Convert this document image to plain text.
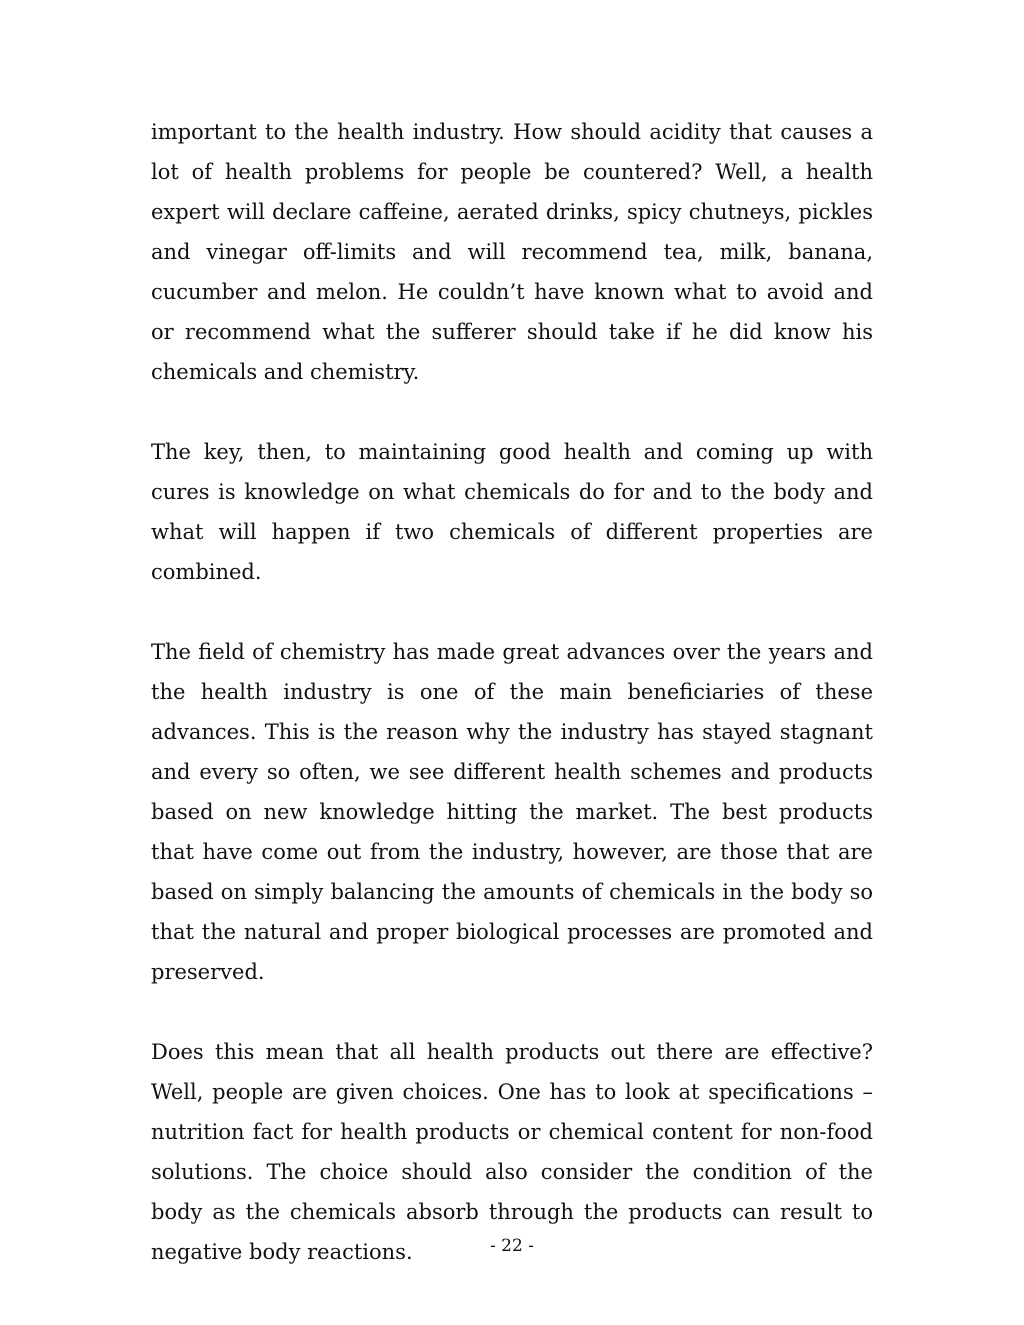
important to the health industry. How should acidity that causes a lot of health problems for people be countered? Well, a health expert will declare caffeine, aerated drinks, spicy chutneys, pickles and vinegar off-limits and will recommend tea, milk, banana, cucumber and melon. He couldn’t have known what to avoid and or recommend what the sufferer should take if he did know his chemicals and chemistry.

The key, then, to maintaining good health and coming up with cures is knowledge on what chemicals do for and to the body and what will happen if two chemicals of different properties are combined.

The field of chemistry has made great advances over the years and the health industry is one of the main beneficiaries of these advances. This is the reason why the industry has stayed stagnant and every so often, we see different health schemes and products based on new knowledge hitting the market. The best products that have come out from the industry, however, are those that are based on simply balancing the amounts of chemicals in the body so that the natural and proper biological processes are promoted and preserved.

Does this mean that all health products out there are effective? Well, people are given choices. One has to look at specifications – nutrition fact for health products or chemical content for non-food solutions. The choice should also consider the condition of the body as the chemicals absorb through the products can result to negative body reactions.	- 22 -
